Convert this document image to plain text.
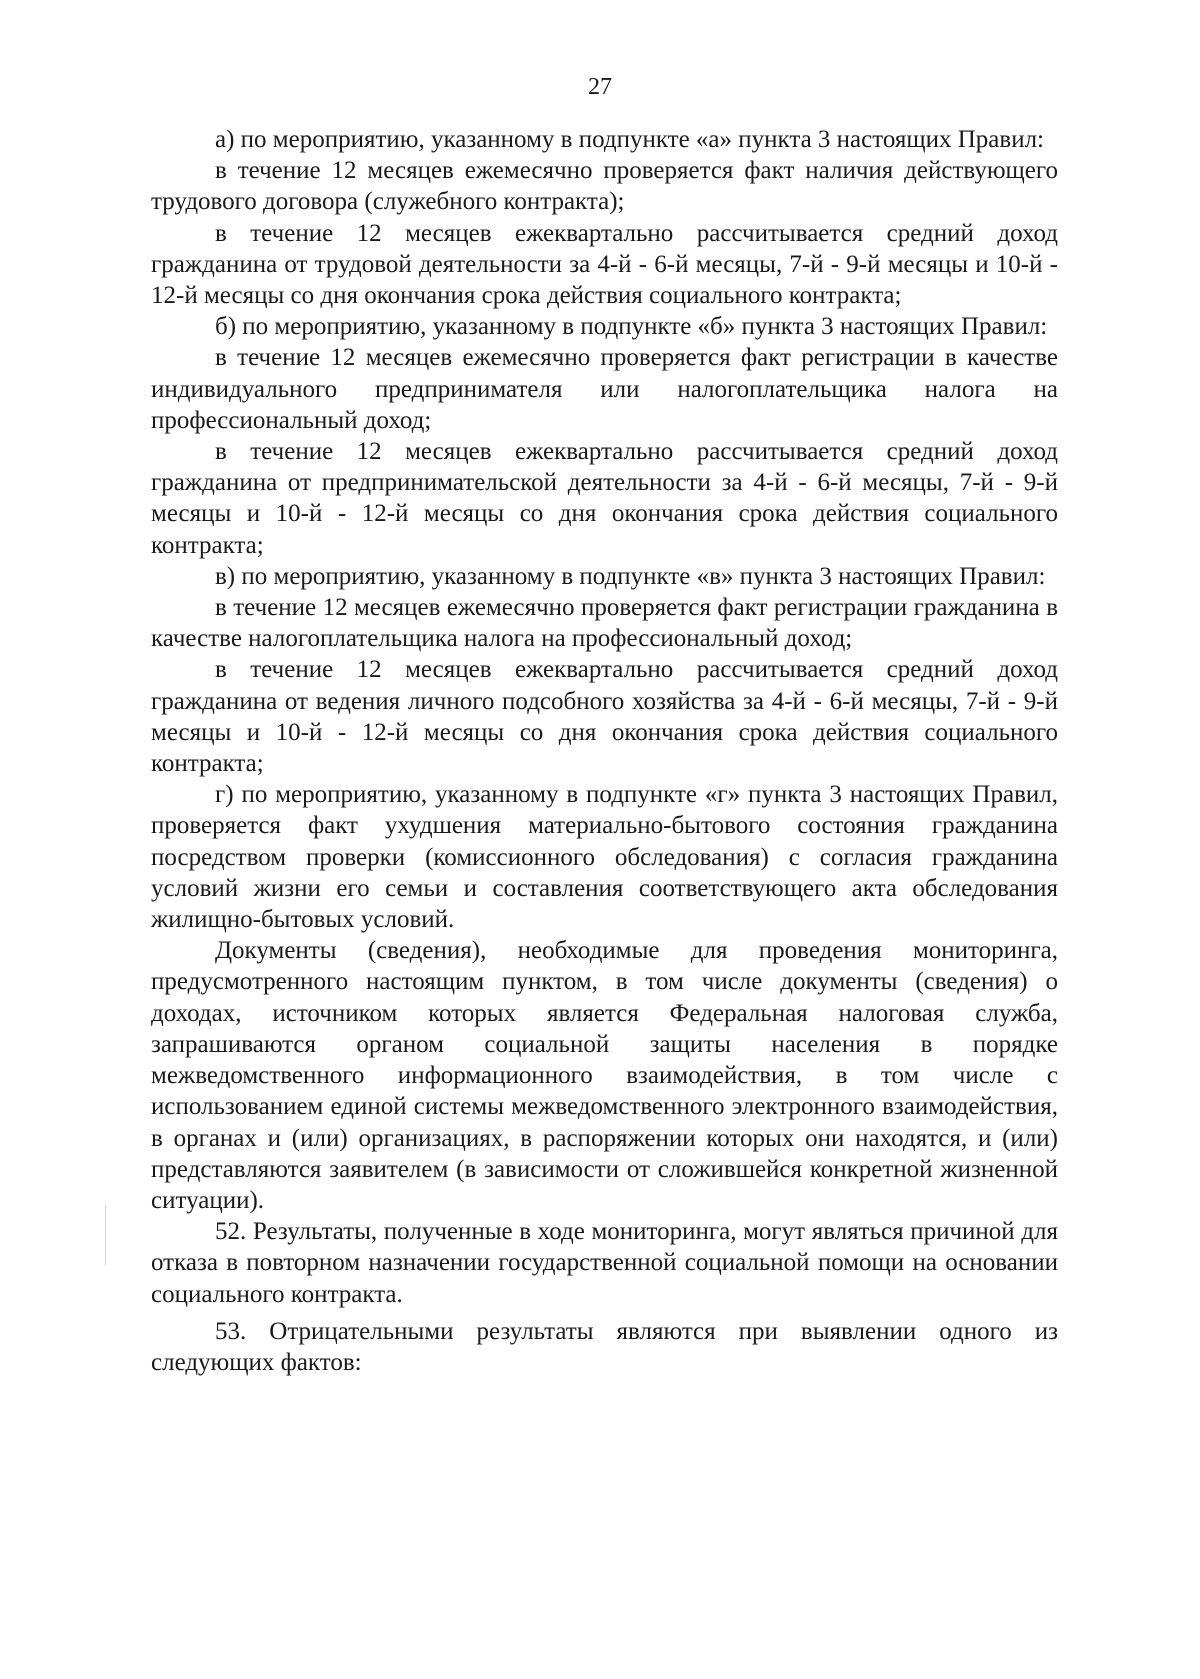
27

а) по мероприятию, указанному в подпункте «а» пункта 3 настоящих Правил:

в течение 12 месяцев ежемесячно проверяется факт наличия действующего трудового договора (служебного контракта);

в течение 12 месяцев ежеквартально рассчитывается средний доход гражданина от трудовой деятельности за 4-й - 6-й месяцы, 7-й - 9-й месяцы и 10-й - 12-й месяцы со дня окончания срока действия социального контракта;

б) по мероприятию, указанному в подпункте «б» пункта 3 настоящих Правил:

в течение 12 месяцев ежемесячно проверяется факт регистрации в качестве индивидуального предпринимателя или налогоплательщика налога на профессиональный доход;

в течение 12 месяцев ежеквартально рассчитывается средний доход гражданина от предпринимательской деятельности за 4-й - 6-й месяцы, 7-й - 9-й месяцы и 10-й - 12-й месяцы со дня окончания срока действия социального контракта;

в) по мероприятию, указанному в подпункте «в» пункта 3 настоящих Правил:

в течение 12 месяцев ежемесячно проверяется факт регистрации гражданина в качестве налогоплательщика налога на профессиональный доход;

в течение 12 месяцев ежеквартально рассчитывается средний доход гражданина от ведения личного подсобного хозяйства за 4-й - 6-й месяцы, 7-й - 9-й месяцы и 10-й - 12-й месяцы со дня окончания срока действия социального контракта;

г) по мероприятию, указанному в подпункте «г» пункта 3 настоящих Правил, проверяется факт ухудшения материально-бытового состояния гражданина посредством проверки (комиссионного обследования) с согласия гражданина условий жизни его семьи и составления соответствующего акта обследования жилищно-бытовых условий.

Документы (сведения), необходимые для проведения мониторинга, предусмотренного настоящим пунктом, в том числе документы (сведения) о доходах, источником которых является Федеральная налоговая служба, запрашиваются органом социальной защиты населения в порядке межведомственного информационного взаимодействия, в том числе с использованием единой системы межведомственного электронного взаимодействия, в органах и (или) организациях, в распоряжении которых они находятся, и (или) представляются заявителем (в зависимости от сложившейся конкретной жизненной ситуации).

52. Результаты, полученные в ходе мониторинга, могут являться причиной для отказа в повторном назначении государственной социальной помощи на основании социального контракта.

53. Отрицательными результаты являются при выявлении одного из следующих фактов:
